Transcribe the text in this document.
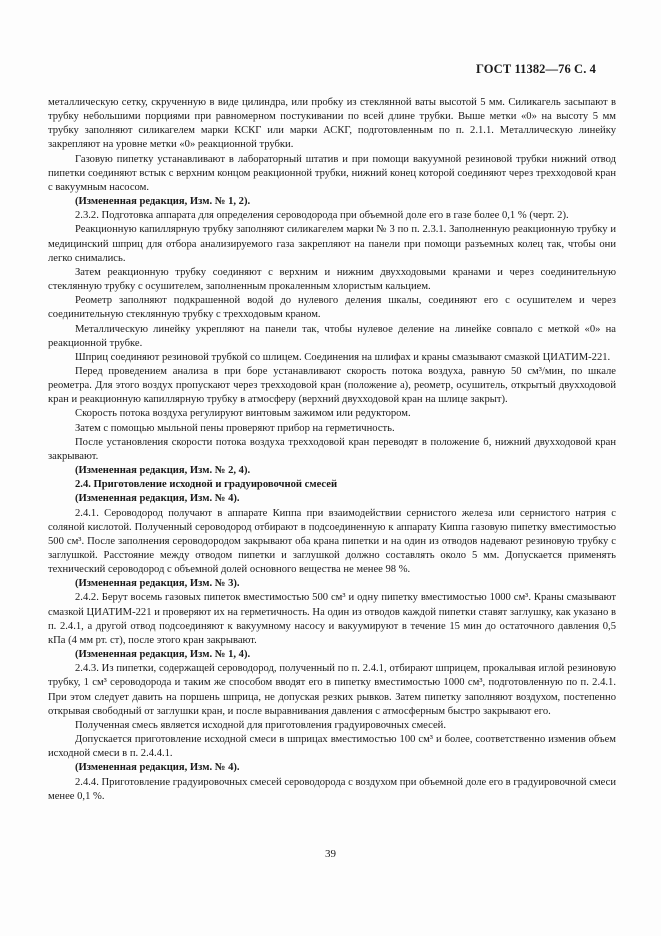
ГОСТ 11382—76 С. 4

металлическую сетку, скрученную в виде цилиндра, или пробку из стеклянной ваты высотой 5 мм. Силикагель засыпают в трубку небольшими порциями при равномерном постукивании по всей длине трубки. Выше метки «0» на высоту 5 мм трубку заполняют силикагелем марки КСКГ или марки АСКГ, подготовленным по п. 2.1.1. Металлическую линейку закрепляют на уровне метки «0» реакционной трубки.

Газовую пипетку устанавливают в лабораторный штатив и при помощи вакуумной резиновой трубки нижний отвод пипетки соединяют встык с верхним концом реакционной трубки, нижний конец которой соединяют через трехходовой кран с вакуумным насосом.

(Измененная редакция, Изм. № 1, 2).

2.3.2. Подготовка аппарата для определения сероводорода при объемной доле его в газе более 0,1 % (черт. 2).

Реакционную капиллярную трубку заполняют силикагелем марки № 3 по п. 2.3.1. Заполненную реакционную трубку и медицинский шприц для отбора анализируемого газа закрепляют на панели при помощи разъемных колец так, чтобы они легко снимались.

Затем реакционную трубку соединяют с верхним и нижним двухходовыми кранами и через соединительную стеклянную трубку с осушителем, заполненным прокаленным хлористым кальцием.

Реометр заполняют подкрашенной водой до нулевого деления шкалы, соединяют его с осушителем и через соединительную стеклянную трубку с трехходовым краном.

Металлическую линейку укрепляют на панели так, чтобы нулевое деление на линейке совпало с меткой «0» на реакционной трубке.

Шприц соединяют резиновой трубкой со шлицем. Соединения на шлифах и краны смазывают смазкой ЦИАТИМ-221.

Перед проведением анализа в при боре устанавливают скорость потока воздуха, равную 50 см³/мин, по шкале реометра. Для этого воздух пропускают через трехходовой кран (положение а), реометр, осушитель, открытый двухходовой кран и реакционную капиллярную трубку в атмосферу (верхний двухходовой кран на шлице закрыт).

Скорость потока воздуха регулируют винтовым зажимом или редуктором.

Затем с помощью мыльной пены проверяют прибор на герметичность.

После установления скорости потока воздуха трехходовой кран переводят в положение б, нижний двухходовой кран закрывают.

(Измененная редакция, Изм. № 2, 4).

2.4. Приготовление исходной и градуировочной смесей

(Измененная редакция, Изм. № 4).

2.4.1. Сероводород получают в аппарате Киппа при взаимодействии сернистого железа или сернистого натрия с соляной кислотой. Полученный сероводород отбирают в подсоединенную к аппарату Киппа газовую пипетку вместимостью 500 см³. После заполнения сероводородом закрывают оба крана пипетки и на один из отводов надевают резиновую трубку с заглушкой. Расстояние между отводом пипетки и заглушкой должно составлять около 5 мм. Допускается применять технический сероводород с объемной долей основного вещества не менее 98 %.

(Измененная редакция, Изм. № 3).

2.4.2. Берут восемь газовых пипеток вместимостью 500 см³ и одну пипетку вместимостью 1000 см³. Краны смазывают смазкой ЦИАТИМ-221 и проверяют их на герметичность. На один из отводов каждой пипетки ставят заглушку, как указано в п. 2.4.1, а другой отвод подсоединяют к вакуумному насосу и вакуумируют в течение 15 мин до остаточного давления 0,5 кПа (4 мм рт. ст), после этого кран закрывают.

(Измененная редакция, Изм. № 1, 4).

2.4.3. Из пипетки, содержащей сероводород, полученный по п. 2.4.1, отбирают шприцем, прокалывая иглой резиновую трубку, 1 см³ сероводорода и таким же способом вводят его в пипетку вместимостью 1000 см³, подготовленную по п. 2.4.1. При этом следует давить на поршень шприца, не допуская резких рывков. Затем пипетку заполняют воздухом, постепенно открывая свободный от заглушки кран, и после выравнивания давления с атмосферным быстро закрывают его.

Полученная смесь является исходной для приготовления градуировочных смесей.

Допускается приготовление исходной смеси в шприцах вместимостью 100 см³ и более, соответственно изменив объем исходной смеси в п. 2.4.4.1.

(Измененная редакция, Изм. № 4).

2.4.4. Приготовление градуировочных смесей сероводорода с воздухом при объемной доле его в градуировочной смеси менее 0,1 %.

39
